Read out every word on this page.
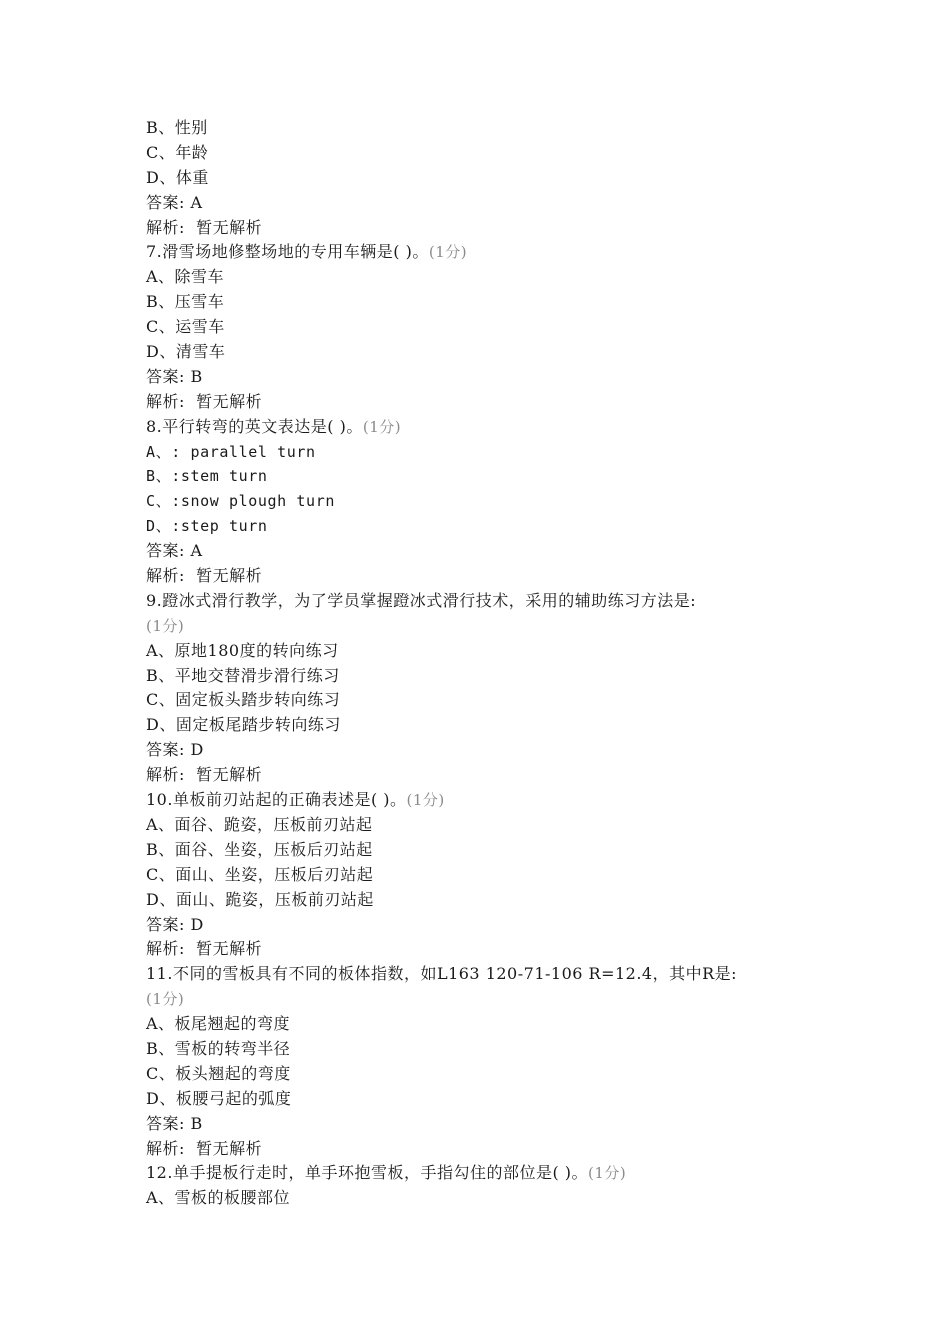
B、性别
C、年龄
D、体重
答案: A
解析:  暂无解析
7.滑雪场地修整场地的专用车辆是( )。(1分)
A、除雪车
B、压雪车
C、运雪车
D、清雪车
答案: B
解析:  暂无解析
8.平行转弯的英文表达是( )。(1分)
A、: parallel turn
B、:stem turn
C、:snow plough turn
D、:step turn
答案: A
解析:  暂无解析
9.蹬冰式滑行教学，为了学员掌握蹬冰式滑行技术，采用的辅助练习方法是:
(1分)
A、原地180度的转向练习
B、平地交替滑步滑行练习
C、固定板头踏步转向练习
D、固定板尾踏步转向练习
答案: D
解析:  暂无解析
10.单板前刃站起的正确表述是( )。(1分)
A、面谷、跪姿，压板前刃站起
B、面谷、坐姿，压板后刃站起
C、面山、坐姿，压板后刃站起
D、面山、跪姿，压板前刃站起
答案: D
解析:  暂无解析
11.不同的雪板具有不同的板体指数，如L163 120-71-106 R=12.4，其中R是:
(1分)
A、板尾翘起的弯度
B、雪板的转弯半径
C、板头翘起的弯度
D、板腰弓起的弧度
答案: B
解析:  暂无解析
12.单手提板行走时，单手环抱雪板，手指勾住的部位是( )。(1分)
A、雪板的板腰部位
